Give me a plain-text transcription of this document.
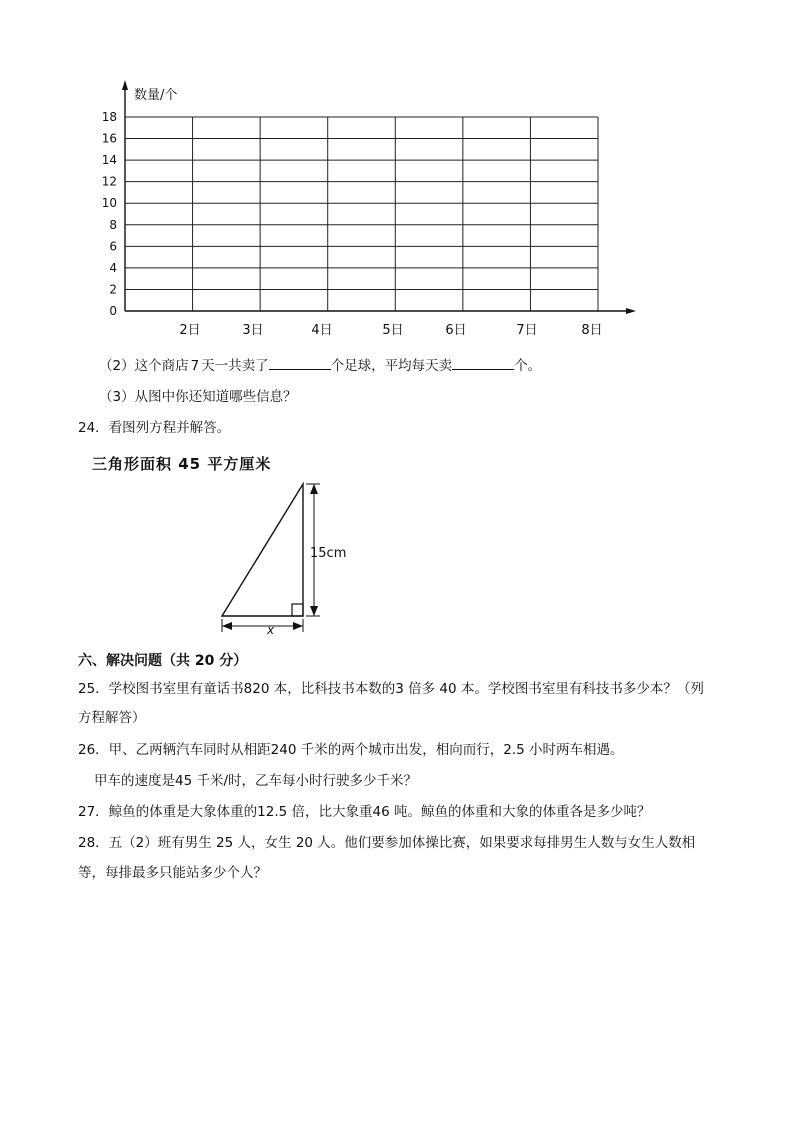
0
2
4
6
8
10
12
14
16
18
2日	3日	4日	5日	6日	7日	8日
数量/个
（2）这个商店 7 天一共卖了	个足球，平均每天卖	个。
（3）从图中你还知道哪些信息？
24．看图列方程并解答。
三角形面积 45 平方厘米
15cm
x
六、解决问题（共 20 分）
25．学校图书室里有童话书820 本，比科技书本数的3 倍多 40 本。学校图书室里有科技书多少本？（列
方程解答）
26．甲、乙两辆汽车同时从相距240 千米的两个城市出发，相向而行，2.5 小时两车相遇。
甲车的速度是45 千米/时，乙车每小时行驶多少千米？
27．鲸鱼的体重是大象体重的12.5 倍，比大象重46 吨。鲸鱼的体重和大象的体重各是多少吨？
28．五（2）班有男生 25 人，女生 20 人。他们要参加体操比赛，如果要求每排男生人数与女生人数相
等，每排最多只能站多少个人？
